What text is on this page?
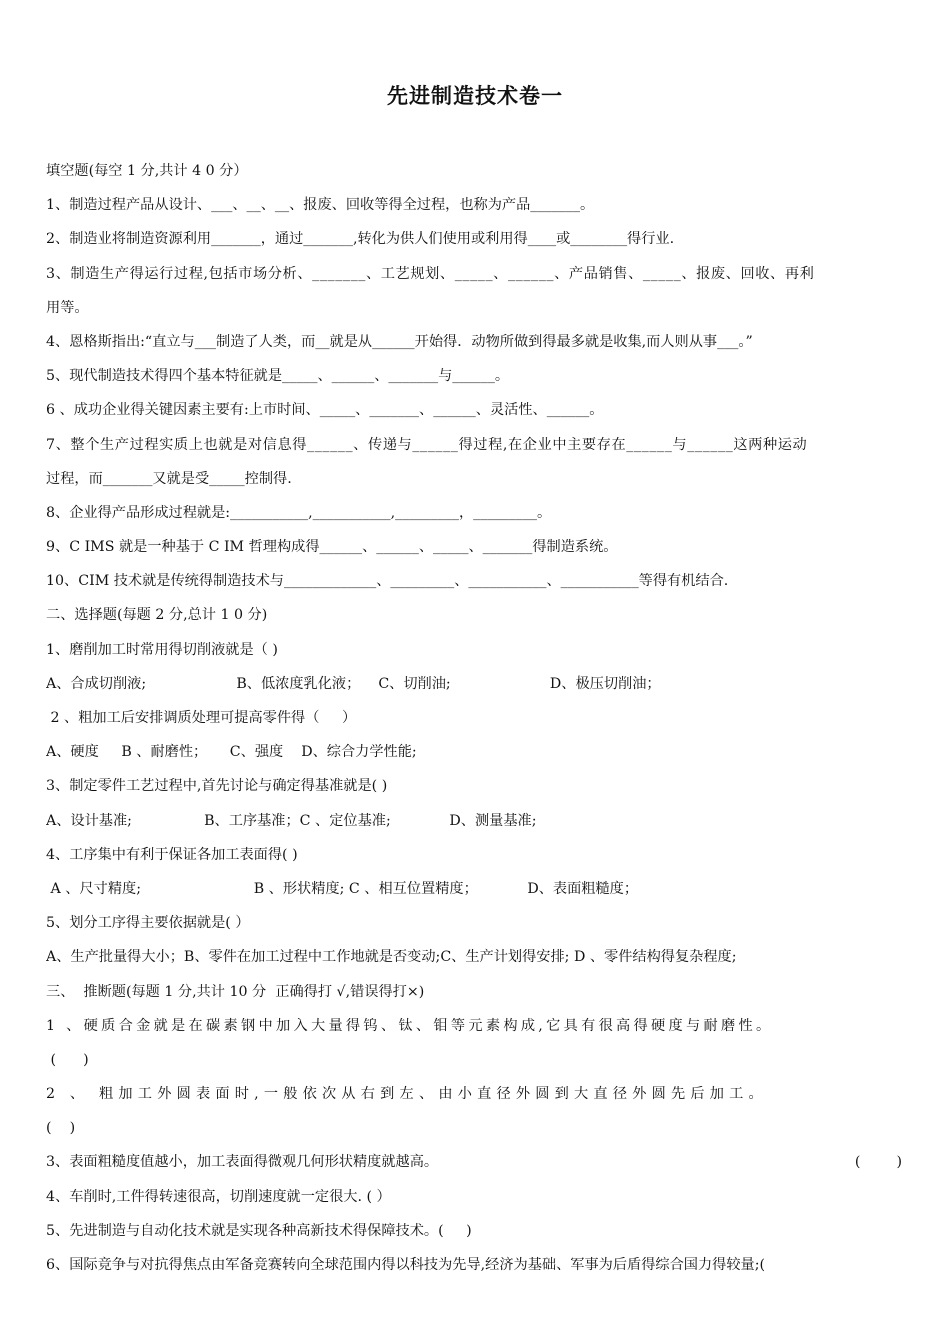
先进制造技术卷一
填空题(每空 1 分,共计 4 0 分）
1、制造过程产品从设计、___、__、__、报废、回收等得全过程，也称为产品_______。
2、制造业将制造资源利用_______，通过_______,转化为供人们使用或利用得____或________得行业.
3、制造生产得运行过程,包括市场分析、_______、工艺规划、_____、______、产品销售、_____、报废、回收、再利
用等。
4、恩格斯指出:“直立与___制造了人类，而__就是从______开始得．动物所做到得最多就是收集,而人则从事___。”
5、现代制造技术得四个基本特征就是_____、______、_______与______。
6 、成功企业得关键因素主要有:上市时间、_____、_______、______、灵活性、______。
7、整个生产过程实质上也就是对信息得______、传递与______得过程,在企业中主要存在______与______这两种运动
过程，而_______又就是受_____控制得.
8、企业得产品形成过程就是:___________,___________,_________，_________。
9、C IMS 就是一种基于 C IM 哲理构成得______、______、_____、_______得制造系统。
10、CIM 技术就是传统得制造技术与_____________、_________、___________、___________等得有机结合.
二、选择题(每题 2 分,总计 1 0 分)
1、磨削加工时常用得切削液就是（ )
A、合成切削液;                    B、低浓度乳化液；    C、切削油;                      D、极压切削油；
2 、粗加工后安排调质处理可提高零件得（     ）
A、硬度     B 、耐磨性；     C、强度    D、综合力学性能;
3、制定零件工艺过程中,首先讨论与确定得基准就是( )
A、设计基准;                B、工序基准；C 、定位基准;             D、测量基准;
4、工序集中有利于保证各加工表面得( )
A 、尺寸精度;                         B 、形状精度; C 、相互位置精度；           D、表面粗糙度；
5、划分工序得主要依据就是( ）
A、生产批量得大小；B、零件在加工过程中工作地就是否变动;C、生产计划得安排; D 、零件结构得复杂程度;
三、  推断题(每题 1 分,共计 10 分  正确得打 √,错误得打×)
1 、硬质合金就是在碳素钢中加入大量得钨、钛、钼等元素构成,它具有很高得硬度与耐磨性。
(      )
2 、 粗加工外圆表面时,一般依次从右到左、由小直径外圆到大直径外圆先后加工。
(    )
3、表面粗糙度值越小，加工表面得微观几何形状精度就越高。	(        )
4、车削时,工件得转速很高，切削速度就一定很大. ( ）
5、先进制造与自动化技术就是实现各种高新技术得保障技术。(     )
6、国际竞争与对抗得焦点由军备竞赛转向全球范围内得以科技为先导,经济为基础、军事为后盾得综合国力得较量;(
